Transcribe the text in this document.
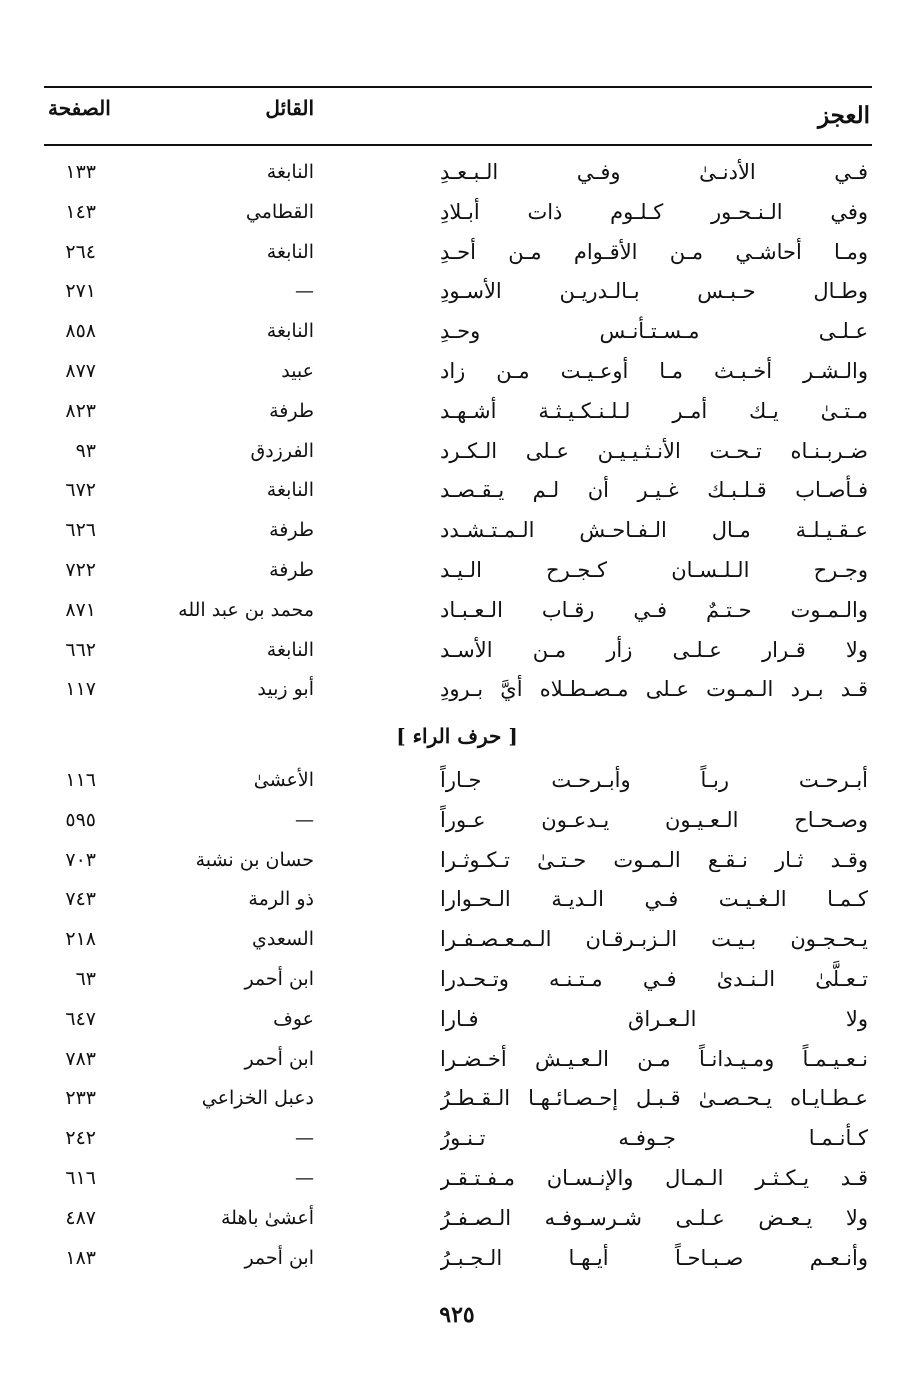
العجز
القائل
الصفحة
فـي الأدنـىٰ وفـي الـبـعـدِ
النابغة
١٣٣
وفي الـنـحـور كـلـوم ذات أبـلادِ
القطامي
١٤٣
ومـا أحاشـي مـن الأقـوام مـن أحـدِ
النابغة
٢٦٤
وطـال حـبـس بـالـدريـن الأسـودِ
—
٢٧١
عـلـى مـسـتـأنـس وحـدِ
النابغة
٨٥٨
والـشـر أخـبـث مـا أوعـيـت مـن زاد
عبيد
٨٧٧
مـتـىٰ يـك أمـر لـلـنـكـيـثـة أشـهـد
طرفة
٨٢٣
ضـربـنـاه تـحـت الأنـثـيـيـن عـلى الـكـرد
الفرزدق
٩٣
فـأصـاب قـلـبـك غـيـر أن لـم يـقـصـد
النابغة
٦٧٢
عـقـيـلـة مـال الـفـاحـش الـمـتـشـدد
طرفة
٦٢٦
وجـرح الـلـسـان كـجـرح الـيـد
طرفة
٧٢٢
والـمـوت حـتـمٌ فـي رقـاب الـعـبـاد
محمد بن عبد الله
٨٧١
ولا قـرار عـلـى زأر مـن الأسـد
النابغة
٦٦٢
قـد بـرد الـمـوت عـلى مـصـطـلاه أيَّ بـرودِ
أبو زبيد
١١٧
[ حرف الراء ]
أبـرحـت ربـاً وأبـرحـت جـاراً
الأعشىٰ
١١٦
وصـحـاح الـعـيـون يـدعـون عـوراً
—
٥٩٥
وقـد ثـار نـقـع الـمـوت حـتـىٰ تـكـوثـرا
حسان بن نشبة
٧٠٣
كـمـا الـغـيـت فـي الـديـة الـحـوارا
ذو الرمة
٧٤٣
يـحـجـون بـيـت الـزبـرقـان الـمـعـصـفـرا
السعدي
٢١٨
تـعـلَّىٰ الـنـدىٰ فـي مـتـنـه وتـحـدرا
ابن أحمر
٦٣
ولا الـعـراق فـارا
عوف
٦٤٧
نـعـيـمـاً ومـيـدانـاً مـن الـعـيـش أخـضـرا
ابن أحمر
٧٨٣
عـطـايـاه يـحـصـىٰ قـبـل إحـصـائـهـا الـقـطـرُ
دعبل الخزاعي
٢٣٣
كـأنـمـا جـوفـه تـنـورُ
—
٢٤٢
قـد يـكـثـر الـمـال والإنـسـان مـفـتـقـر
—
٦١٦
ولا يـعـض عـلـى شـرسـوفـه الـصـفـرُ
أعشىٰ باهلة
٤٨٧
وأنـعـم صـبـاحـاً أيـهـا الـجـبـرُ
ابن أحمر
١٨٣
٩٢٥
